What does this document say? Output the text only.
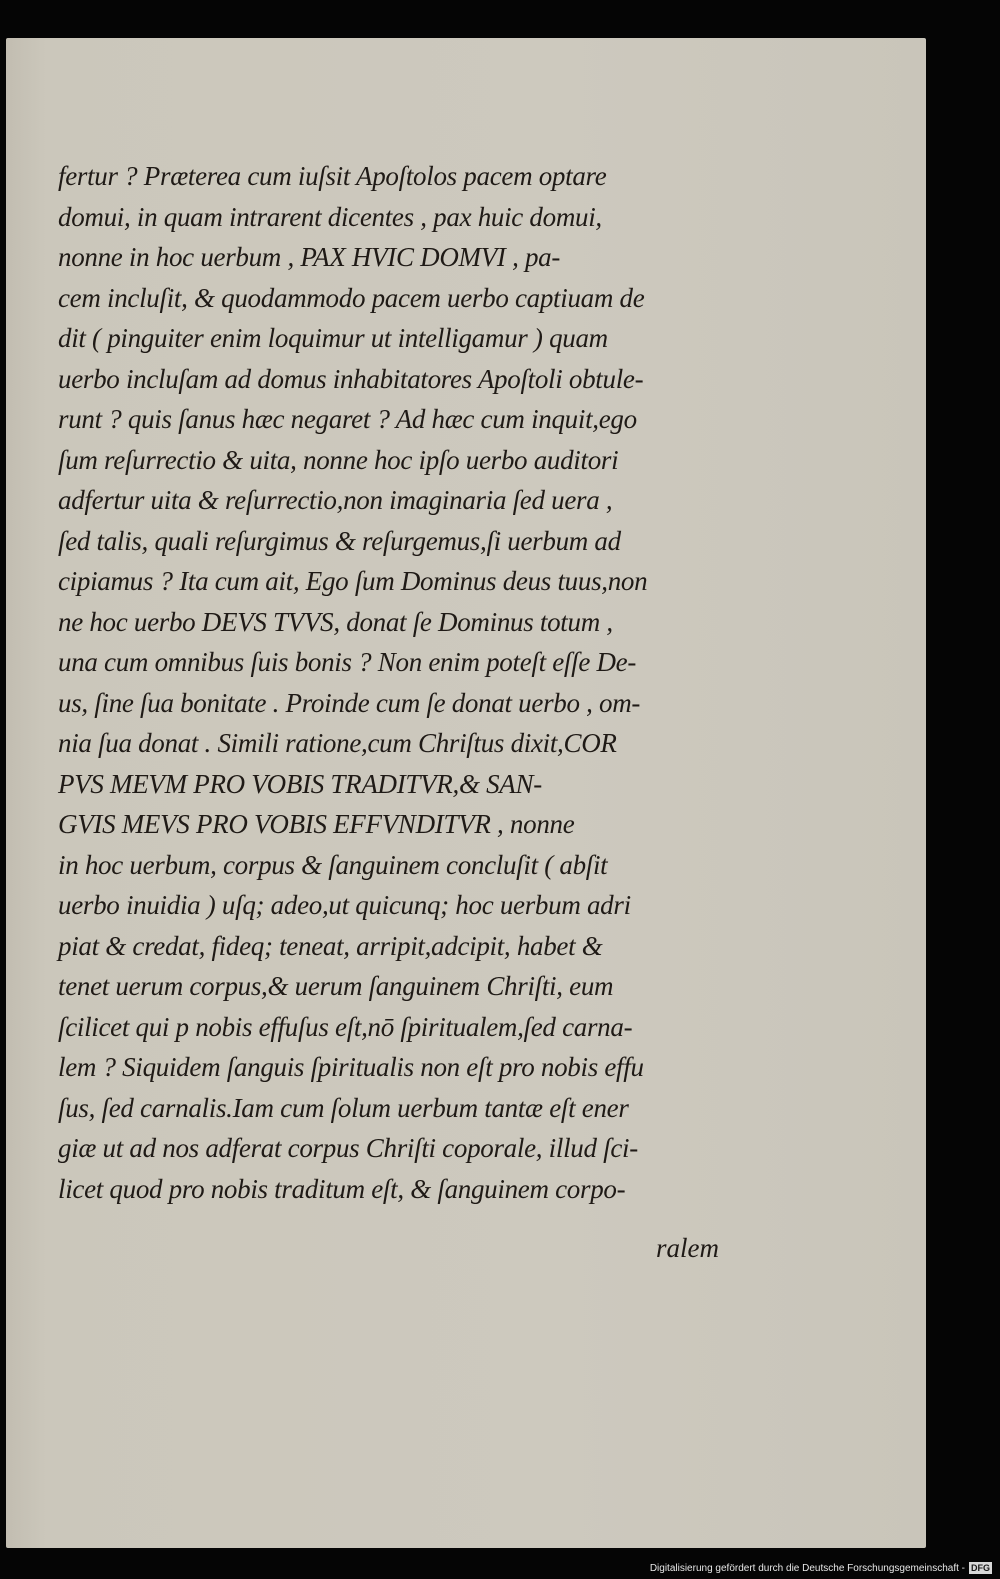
fertur ? Prætereа cum iuſsit Apoſtolos pacem optare
domui, in quam intrarent dicentes , pax huic domui,
nonne in hoc uerbum , PAX HVIC DOMVI , pa-
cem incluſit, & quodammodo pacem uerbo captiuam de
dit ( pinguiter enim loquimur ut intelligamur ) quam
uerbo incluſam ad domus inhabitatores Apoſtoli obtule-
runt ? quis ſanus hæc negaret ? Ad hæc cum inquit,ego
ſum reſurrectio & uita, nonne hoc ipſo uerbo auditori
adfertur uita & reſurrectio,non imaginaria ſed uera ,
ſed talis, quali reſurgimus & reſurgemus,ſi uerbum ad
cipiamus ? Ita cum ait, Ego ſum Dominus deus tuus,non
ne hoc uerbo DEVS TVVS, donat ſe Dominus totum ,
una cum omnibus ſuis bonis ? Non enim poteſt eſſe De-
us, ſine ſua bonitate . Proinde cum ſe donat uerbo , om-
nia ſua donat . Simili ratione,cum Chriſtus dixit,COR
PVS MEVM PRO VOBIS TRADITVR,& SAN-
GVIS MEVS PRO VOBIS EFFVNDITVR , nonne
in hoc uerbum, corpus & ſanguinem concluſit ( abſit
uerbo inuidia ) uſq; adeo,ut quicunq; hoc uerbum adri
piat & credat, fideq; teneat, arripit,adcipit, habet &
tenet uerum corpus,& uerum ſanguinem Chriſti, eum
ſcilicet qui p nobis effuſus eſt,nō ſpiritualem,ſed carna-
lem ? Siquidem ſanguis ſpiritualis non eſt pro nobis effu
ſus, ſed carnalis.Iam cum ſolum uerbum tantæ eſt ener
giæ ut ad nos adferat corpus Chriſti coporale, illud ſci-
licet quod pro nobis traditum eſt, & ſanguinem corpo-
ralem
Digitalisierung gefördert durch die Deutsche Forschungsgemeinschaft - DFG
